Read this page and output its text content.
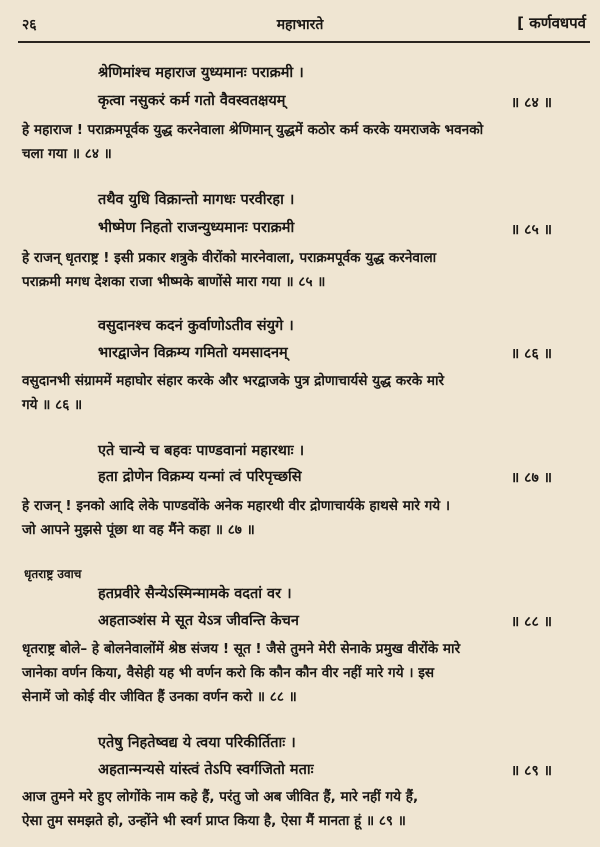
२६	महाभारते	[ कर्णवधपर्व
श्रेणिमांश्च महाराज युध्यमानः पराक्रमी ।
कृत्वा नसुकरं कर्म गतो वैवस्वतक्षयम्	॥ ८४ ॥

हे महाराज ! पराक्रमपूर्वक युद्ध करनेवाला श्रेणिमान् युद्धमें कठोर कर्म करके यमराजके भवनको

चला गया ॥ ८४ ॥

तथैव युधि विक्रान्तो मागधः परवीरहा ।
भीष्मेण निहतो राजन्युध्यमानः पराक्रमी	॥ ८५ ॥

हे राजन् धृतराष्ट्र ! इसी प्रकार शत्रुके वीरोंको मारनेवाला, पराक्रमपूर्वक युद्ध करनेवाला

पराक्रमी मगध देशका राजा भीष्मके बाणोंसे मारा गया ॥ ८५ ॥

वसुदानश्च कदनं कुर्वाणोऽतीव संयुगे ।
भारद्वाजेन विक्रम्य गमितो यमसादनम्	॥ ८६ ॥

वसुदानभी संग्राममें महाघोर संहार करके और भरद्वाजके पुत्र द्रोणाचार्यसे युद्ध करके मारे

गये ॥ ८६ ॥

एते चान्ये च बहवः पाण्डवानां महारथाः ।
हता द्रोणेन विक्रम्य यन्मां त्वं परिपृच्छसि	॥ ८७ ॥

हे राजन् ! इनको आदि लेके पाण्डवोंके अनेक महारथी वीर द्रोणाचार्यके हाथसे मारे गये ।

जो आपने मुझसे पूंछा था वह मैंने कहा ॥ ८७ ॥

धृतराष्ट्र उवाच
हतप्रवीरे सैन्येऽस्मिन्मामके वदतां वर ।
अहताञ्शंस मे सूत येऽत्र जीवन्ति केचन	॥ ८८ ॥

धृतराष्ट्र बोले– हे बोलनेवालोंमें श्रेष्ठ संजय ! सूत ! जैसे तुमने मेरी सेनाके प्रमुख वीरोंके मारे

जानेका वर्णन किया, वैसेही यह भी वर्णन करो कि कौन कौन वीर नहीं मारे गये । इस

सेनामें जो कोई वीर जीवित हैं उनका वर्णन करो ॥ ८८ ॥

एतेषु निहतेष्वद्य ये त्वया परिकीर्तिताः ।
अहतान्मन्यसे यांस्त्वं तेऽपि स्वर्गजितो मताः	॥ ८९ ॥

आज तुमने मरे हुए लोगोंके नाम कहे हैं, परंतु जो अब जीवित हैं, मारे नहीं गये हैं,

ऐसा तुम समझते हो, उन्होंने भी स्वर्ग प्राप्त किया है, ऐसा मैं मानता हूं ॥ ८९ ॥
